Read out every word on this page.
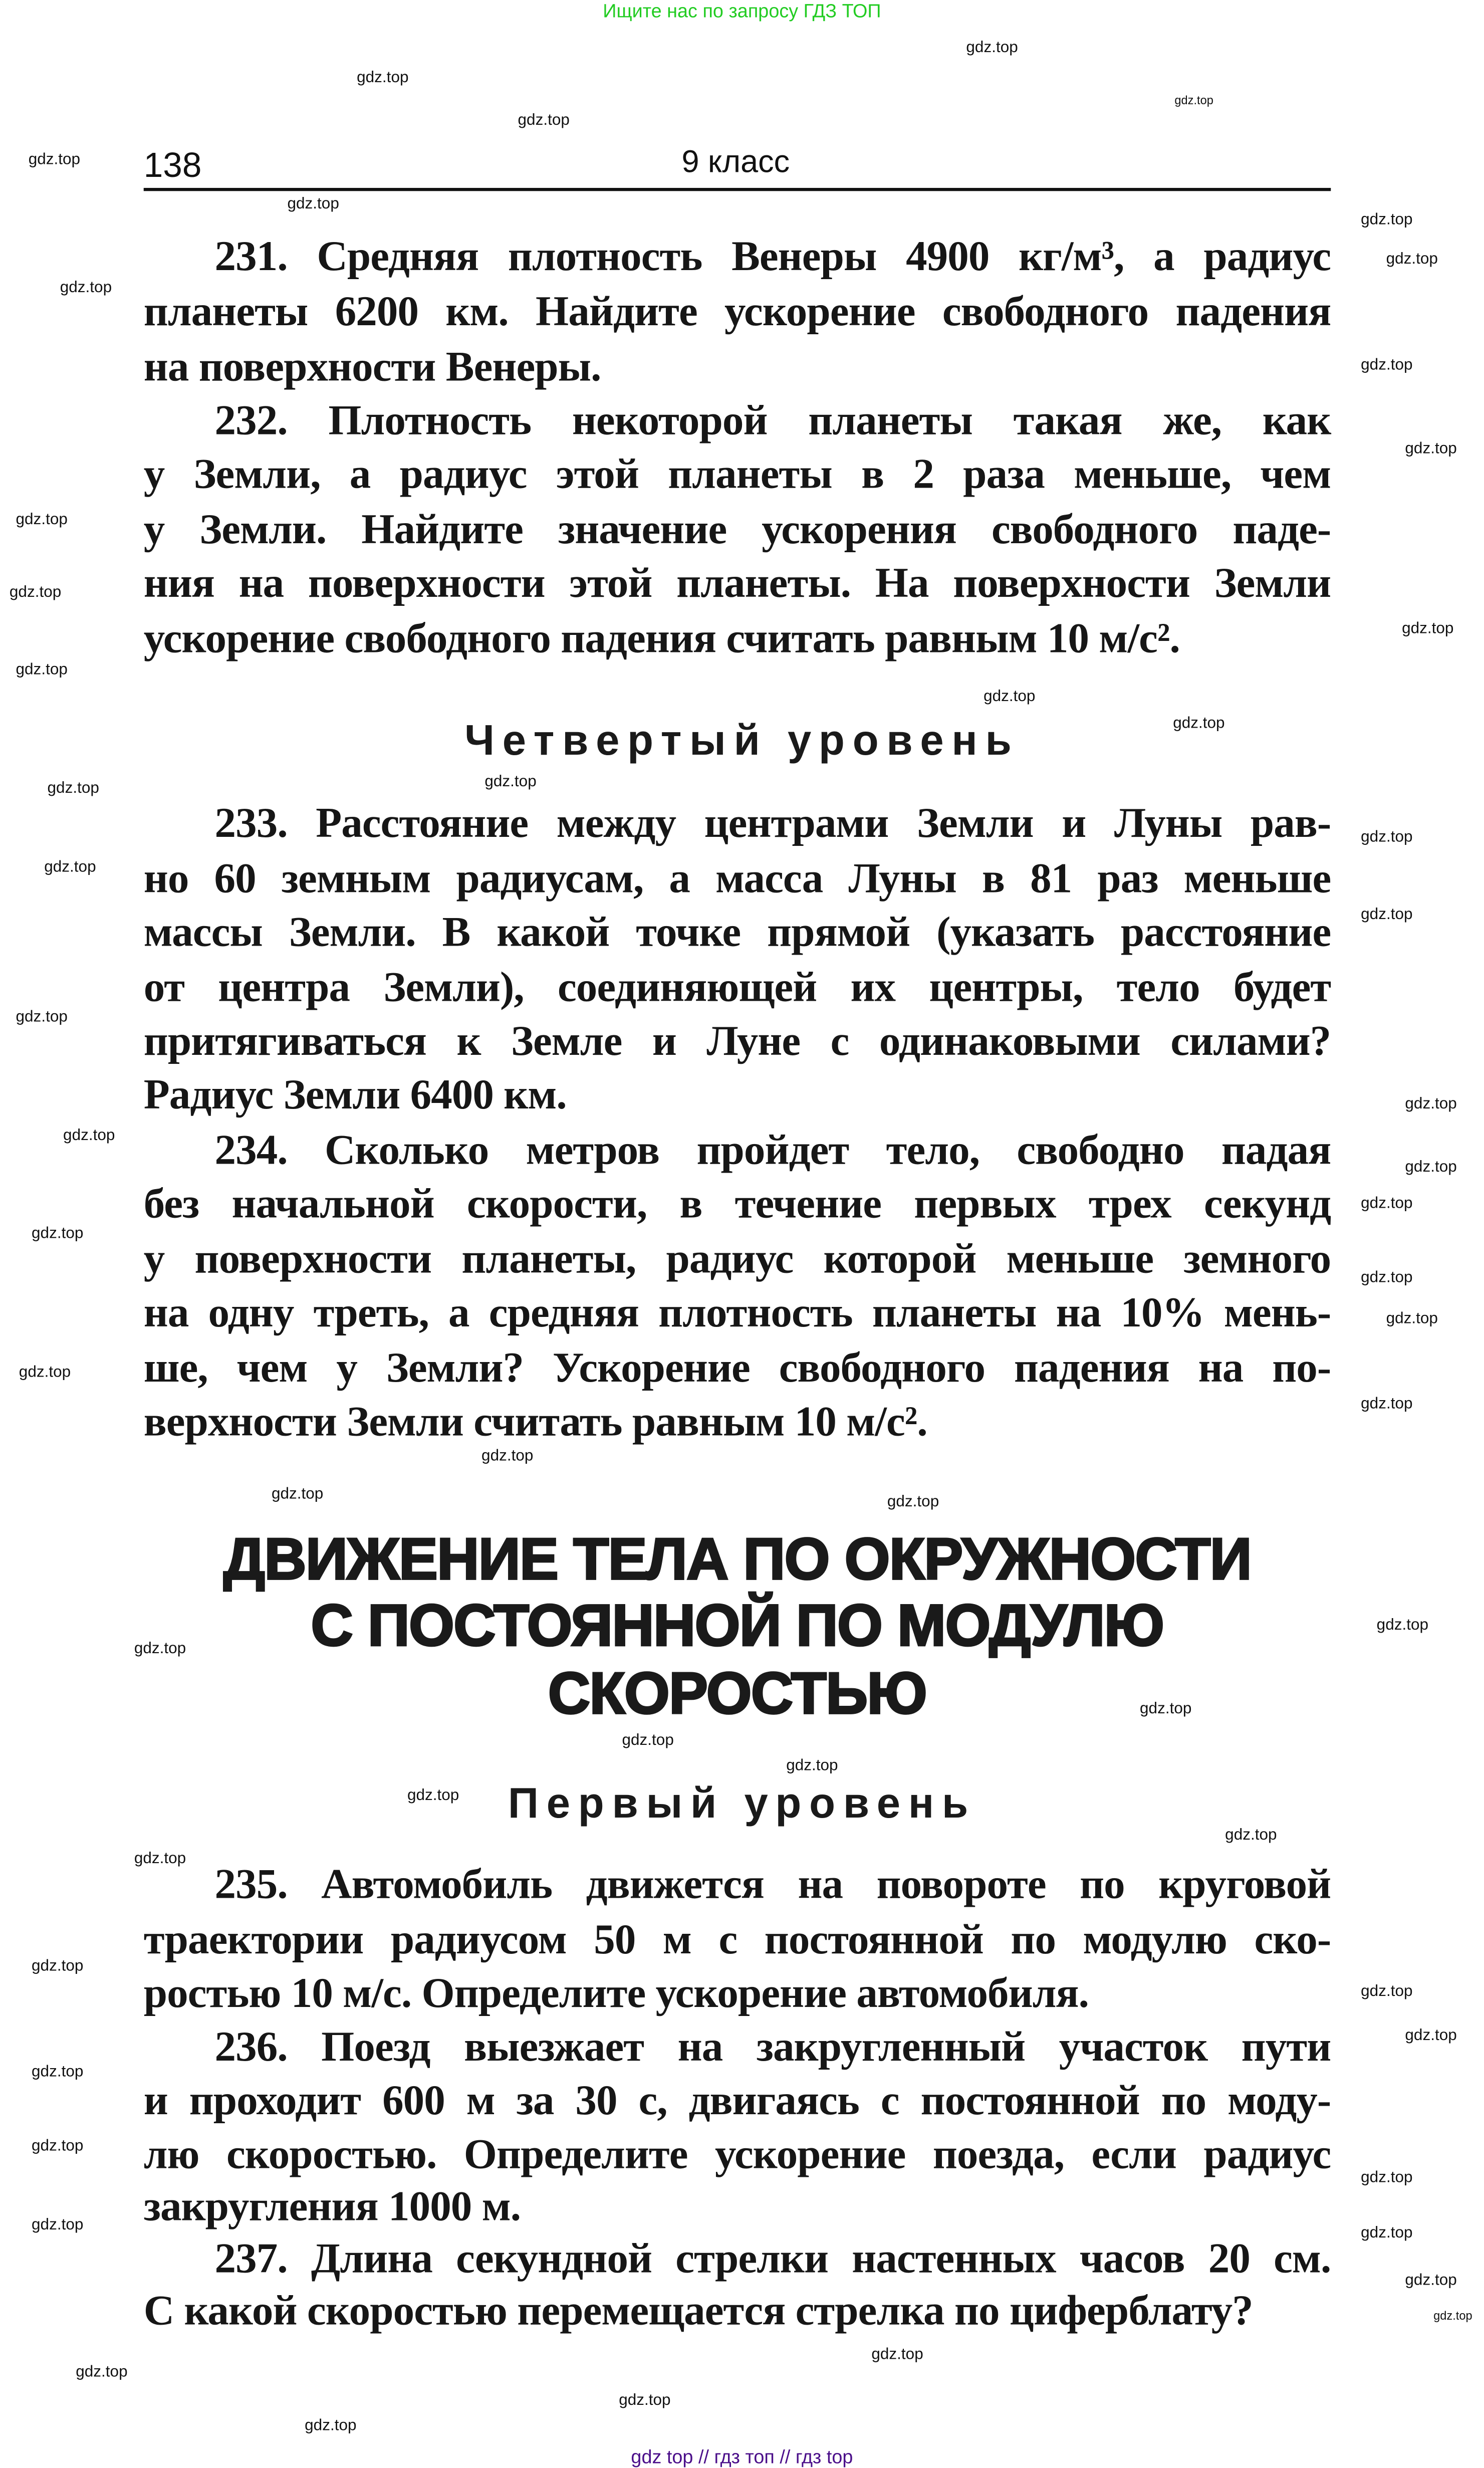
Ищите нас по запросу ГДЗ ТОП
138	9 класс
231. Средняя плотность Венеры 4900 кг/м³, а радиус
планеты 6200 км. Найдите ускорение свободного падения
на поверхности Венеры.
232. Плотность некоторой планеты такая же, как
у Земли, а радиус этой планеты в 2 раза меньше, чем
у Земли. Найдите значение ускорения свободного паде-
ния на поверхности этой планеты. На поверхности Земли
ускорение свободного падения считать равным 10 м/с².
Четвертый уровень
233. Расстояние между центрами Земли и Луны рав-
но 60 земным радиусам, а масса Луны в 81 раз меньше
массы Земли. В какой точке прямой (указать расстояние
от центра Земли), соединяющей их центры, тело будет
притягиваться к Земле и Луне с одинаковыми силами?
Радиус Земли 6400 км.
234. Сколько метров пройдет тело, свободно падая
без начальной скорости, в течение первых трех секунд
у поверхности планеты, радиус которой меньше земного
на одну треть, а средняя плотность планеты на 10% мень-
ше, чем у Земли? Ускорение свободного падения на по-
верхности Земли считать равным 10 м/с².
ДВИЖЕНИЕ ТЕЛА ПО ОКРУЖНОСТИ
С ПОСТОЯННОЙ ПО МОДУЛЮ
СКОРОСТЬЮ
Первый уровень
235. Автомобиль движется на повороте по круговой
траектории радиусом 50 м с постоянной по модулю ско-
ростью 10 м/с. Определите ускорение автомобиля.
236. Поезд выезжает на закругленный участок пути
и проходит 600 м за 30 с, двигаясь с постоянной по моду-
лю скоростью. Определите ускорение поезда, если радиус
закругления 1000 м.
237. Длина секундной стрелки настенных часов 20 см.
С какой скоростью перемещается стрелка по циферблату?
gdz.top
gdz.top
gdz.top
gdz.top
gdz.top
gdz.top
gdz.top
gdz.top
gdz.top
gdz.top
gdz.top
gdz.top
gdz.top
gdz.top
gdz.top
gdz.top
gdz.top
gdz.top
gdz.top
gdz.top
gdz.top
gdz.top
gdz.top
gdz.top
gdz.top
gdz.top
gdz.top
gdz.top
gdz.top
gdz.top
gdz.top
gdz.top
gdz.top
gdz.top	gdz.top
gdz.top
gdz.top
gdz.top
gdz.top
gdz.top
gdz.top
gdz.top
gdz.top
gdz.top
gdz.top
gdz.top
gdz.top
gdz.top
gdz.top
gdz.top	gdz.top
gdz.top
gdz.top
gdz.top
gdz.top
gdz.top
gdz.top
gdz top // гдз топ // гдз top
